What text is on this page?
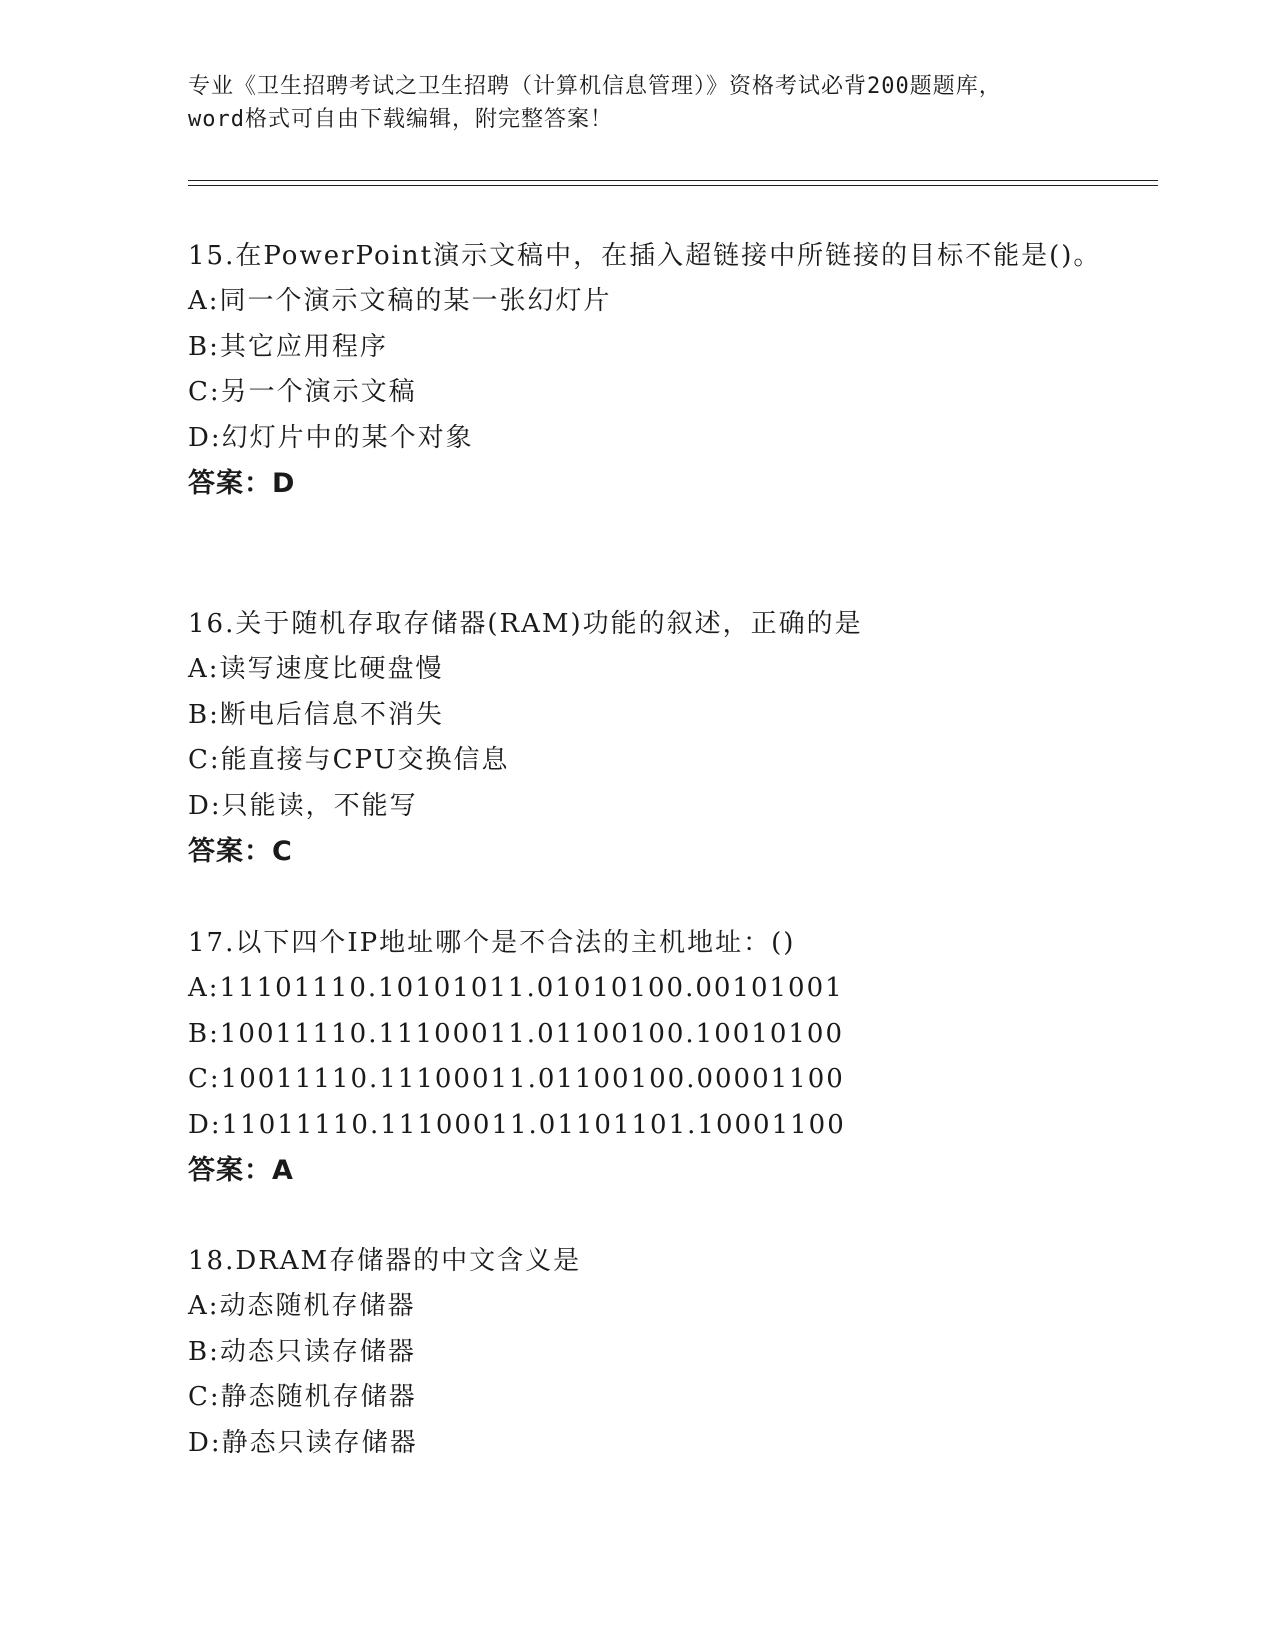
专业《卫生招聘考试之卫生招聘（计算机信息管理）》资格考试必背200题题库，
word格式可自由下载编辑，附完整答案！
15.在PowerPoint演示文稿中，在插入超链接中所链接的目标不能是()。
A:同一个演示文稿的某一张幻灯片
B:其它应用程序
C:另一个演示文稿
D:幻灯片中的某个对象
答案：D
16.关于随机存取存储器(RAM)功能的叙述，正确的是
A:读写速度比硬盘慢
B:断电后信息不消失
C:能直接与CPU交换信息
D:只能读，不能写
答案：C
17.以下四个IP地址哪个是不合法的主机地址：()
A:11101110.10101011.01010100.00101001
B:10011110.11100011.01100100.10010100
C:10011110.11100011.01100100.00001100
D:11011110.11100011.01101101.10001100
答案：A
18.DRAM存储器的中文含义是
A:动态随机存储器
B:动态只读存储器
C:静态随机存储器
D:静态只读存储器
